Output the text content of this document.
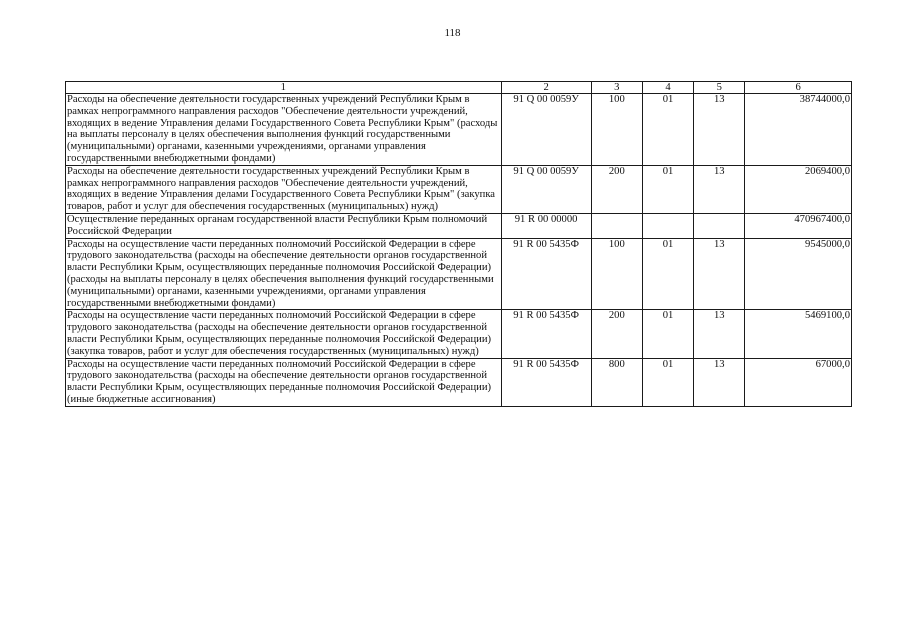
118
1	2	3	4	5	6
Расходы на обеспечение деятельности государственных учреждений Республики Крым в рамках непрограммного направления расходов "Обеспечение деятельности учреждений, входящих в ведение Управления делами Государственного Совета Республики Крым" (расходы на выплаты персоналу в целях обеспечения выполнения функций государственными (муниципальными) органами, казенными учреждениями, органами управления государственными внебюджетными фондами)	91 Q 00 0059У	100	01	13	38744000,0
Расходы на обеспечение деятельности государственных учреждений Республики Крым в рамках непрограммного направления расходов "Обеспечение деятельности учреждений, входящих в ведение Управления делами Государственного Совета Республики Крым" (закупка товаров, работ и услуг для обеспечения государственных (муниципальных) нужд)	91 Q 00 0059У	200	01	13	2069400,0
Осуществление переданных органам государственной власти Республики Крым полномочий Российской Федерации	91 R 00 00000				470967400,0
Расходы на осуществление части переданных полномочий Российской Федерации в сфере трудового законодательства (расходы на обеспечение деятельности органов государственной власти Республики Крым, осуществляющих переданные полномочия Российской Федерации) (расходы на выплаты персоналу в целях обеспечения выполнения функций государственными (муниципальными) органами, казенными учреждениями, органами управления государственными внебюджетными фондами)	91 R 00 5435Ф	100	01	13	9545000,0
Расходы на осуществление части переданных полномочий Российской Федерации в сфере трудового законодательства (расходы на обеспечение деятельности органов государственной власти Республики Крым, осуществляющих переданные полномочия Российской Федерации) (закупка товаров, работ и услуг для обеспечения государственных (муниципальных) нужд)	91 R 00 5435Ф	200	01	13	5469100,0
Расходы на осуществление части переданных полномочий Российской Федерации в сфере трудового законодательства (расходы на обеспечение деятельности органов государственной власти Республики Крым, осуществляющих переданные полномочия Российской Федерации) (иные бюджетные ассигнования)	91 R 00 5435Ф	800	01	13	67000,0
